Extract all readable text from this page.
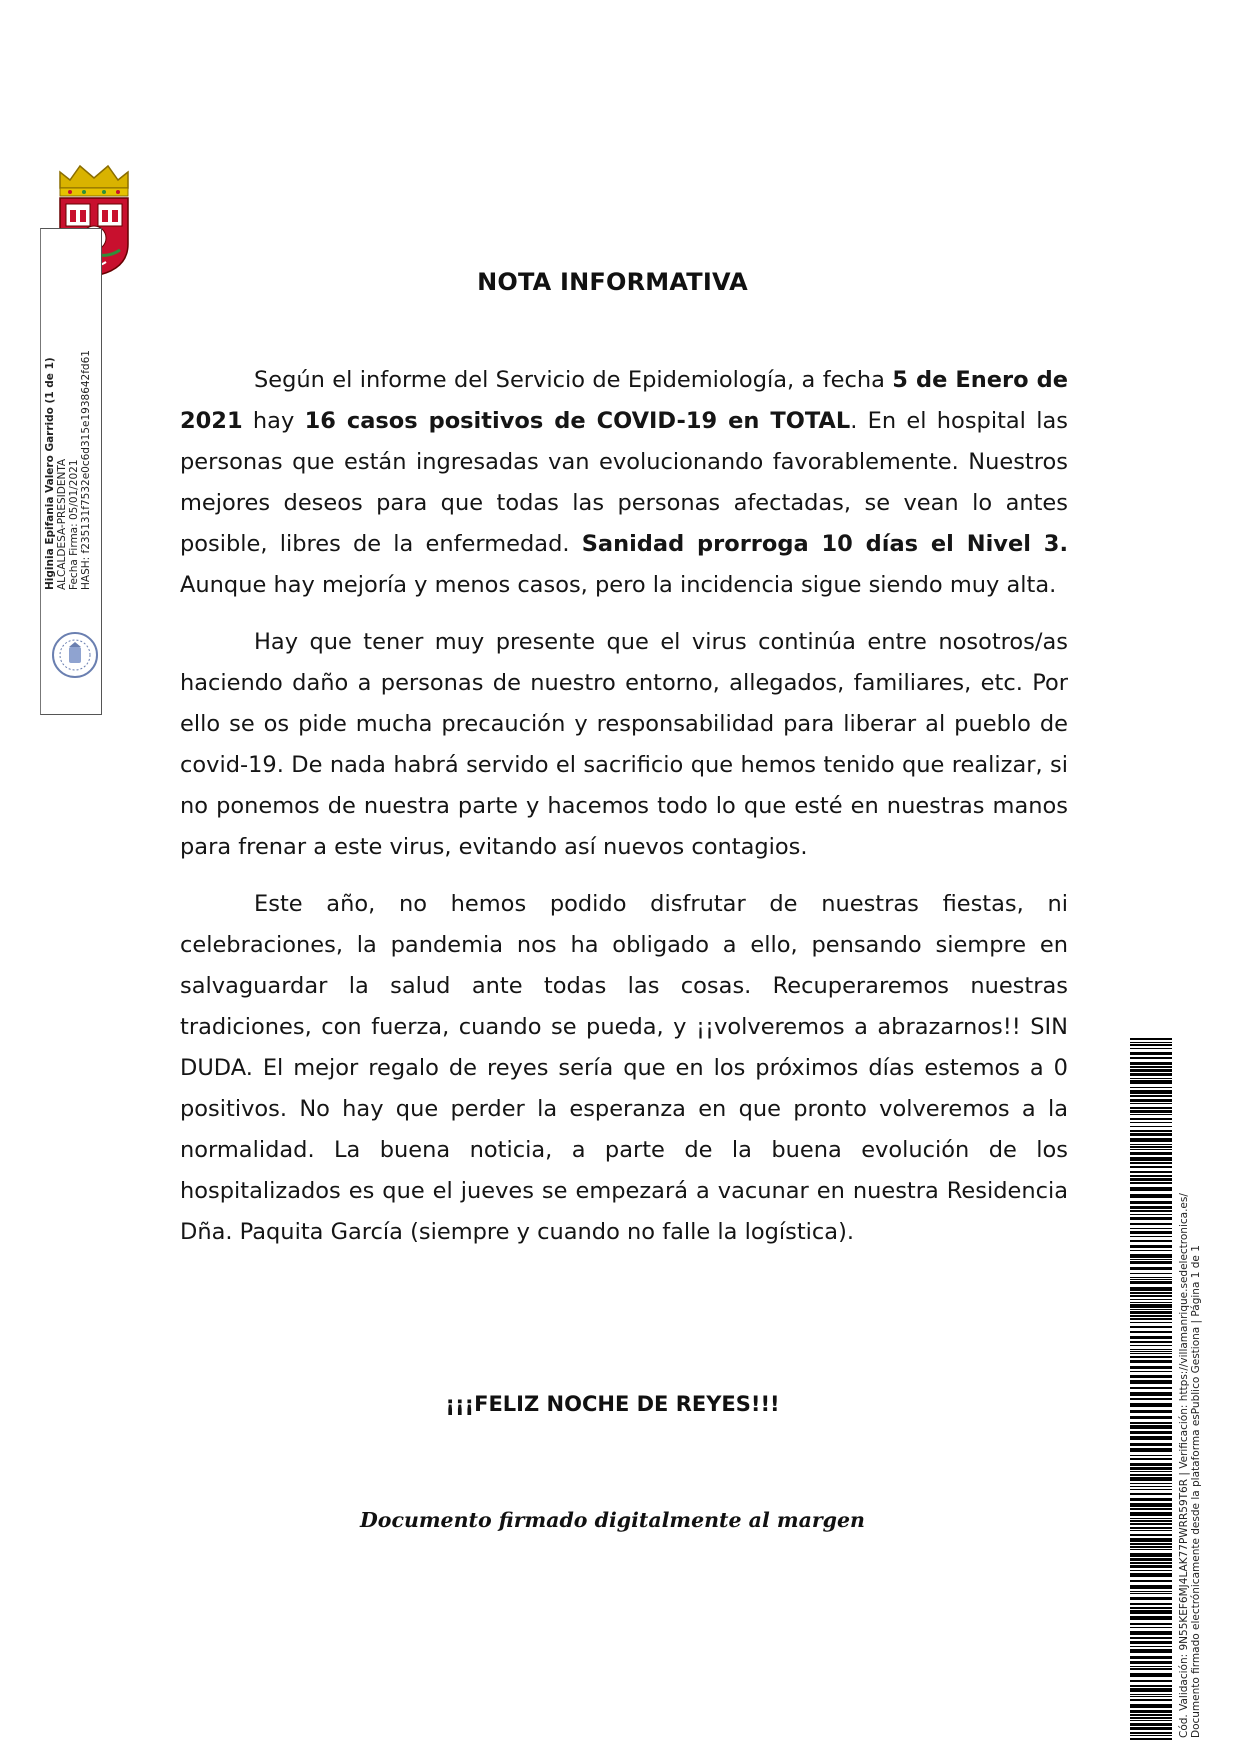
Higinia Epifania Valero Garrido (1 de 1) ALCALDESA-PRESIDENTA Fecha Firma: 05/01/2021 HASH: f235131f7532e0c6d315e1938642fd61
NOTA INFORMATIVA

Según el informe del Servicio de Epidemiología, a fecha 5 de Enero de 2021 hay 16 casos positivos de COVID-19 en TOTAL. En el hospital las personas que están ingresadas van evolucionando favorablemente. Nuestros mejores deseos para que todas las personas afectadas, se vean lo antes posible, libres de la enfermedad. Sanidad prorroga 10 días el Nivel 3. Aunque hay mejoría y menos casos, pero la incidencia sigue siendo muy alta.

Hay que tener muy presente que el virus continúa entre nosotros/as haciendo daño a personas de nuestro entorno, allegados, familiares, etc. Por ello se os pide mucha precaución y responsabilidad para liberar al pueblo de covid-19. De nada habrá servido el sacrificio que hemos tenido que realizar, si no ponemos de nuestra parte y hacemos todo lo que esté en nuestras manos para frenar a este virus, evitando así nuevos contagios.

Este año, no hemos podido disfrutar de nuestras fiestas, ni celebraciones, la pandemia nos ha obligado a ello, pensando siempre en salvaguardar la salud ante todas las cosas. Recuperaremos nuestras tradiciones, con fuerza, cuando se pueda, y ¡¡volveremos a abrazarnos!! SIN DUDA. El mejor regalo de reyes sería que en los próximos días estemos a 0 positivos. No hay que perder la esperanza en que pronto volveremos a la normalidad. La buena noticia, a parte de la buena evolución de los hospitalizados es que el jueves se empezará a vacunar en nuestra Residencia Dña. Paquita García (siempre y cuando no falle la logística).

¡¡¡FELIZ NOCHE DE REYES!!!
Documento firmado digitalmente al margen	Cód. Validación: 9N55KEF6MJ4LAK77PWRR59T6R | Verificación: https://villamanrique.sedelectronica.es/ Documento firmado electrónicamente desde la plataforma esPublico Gestiona | Página 1 de 1
